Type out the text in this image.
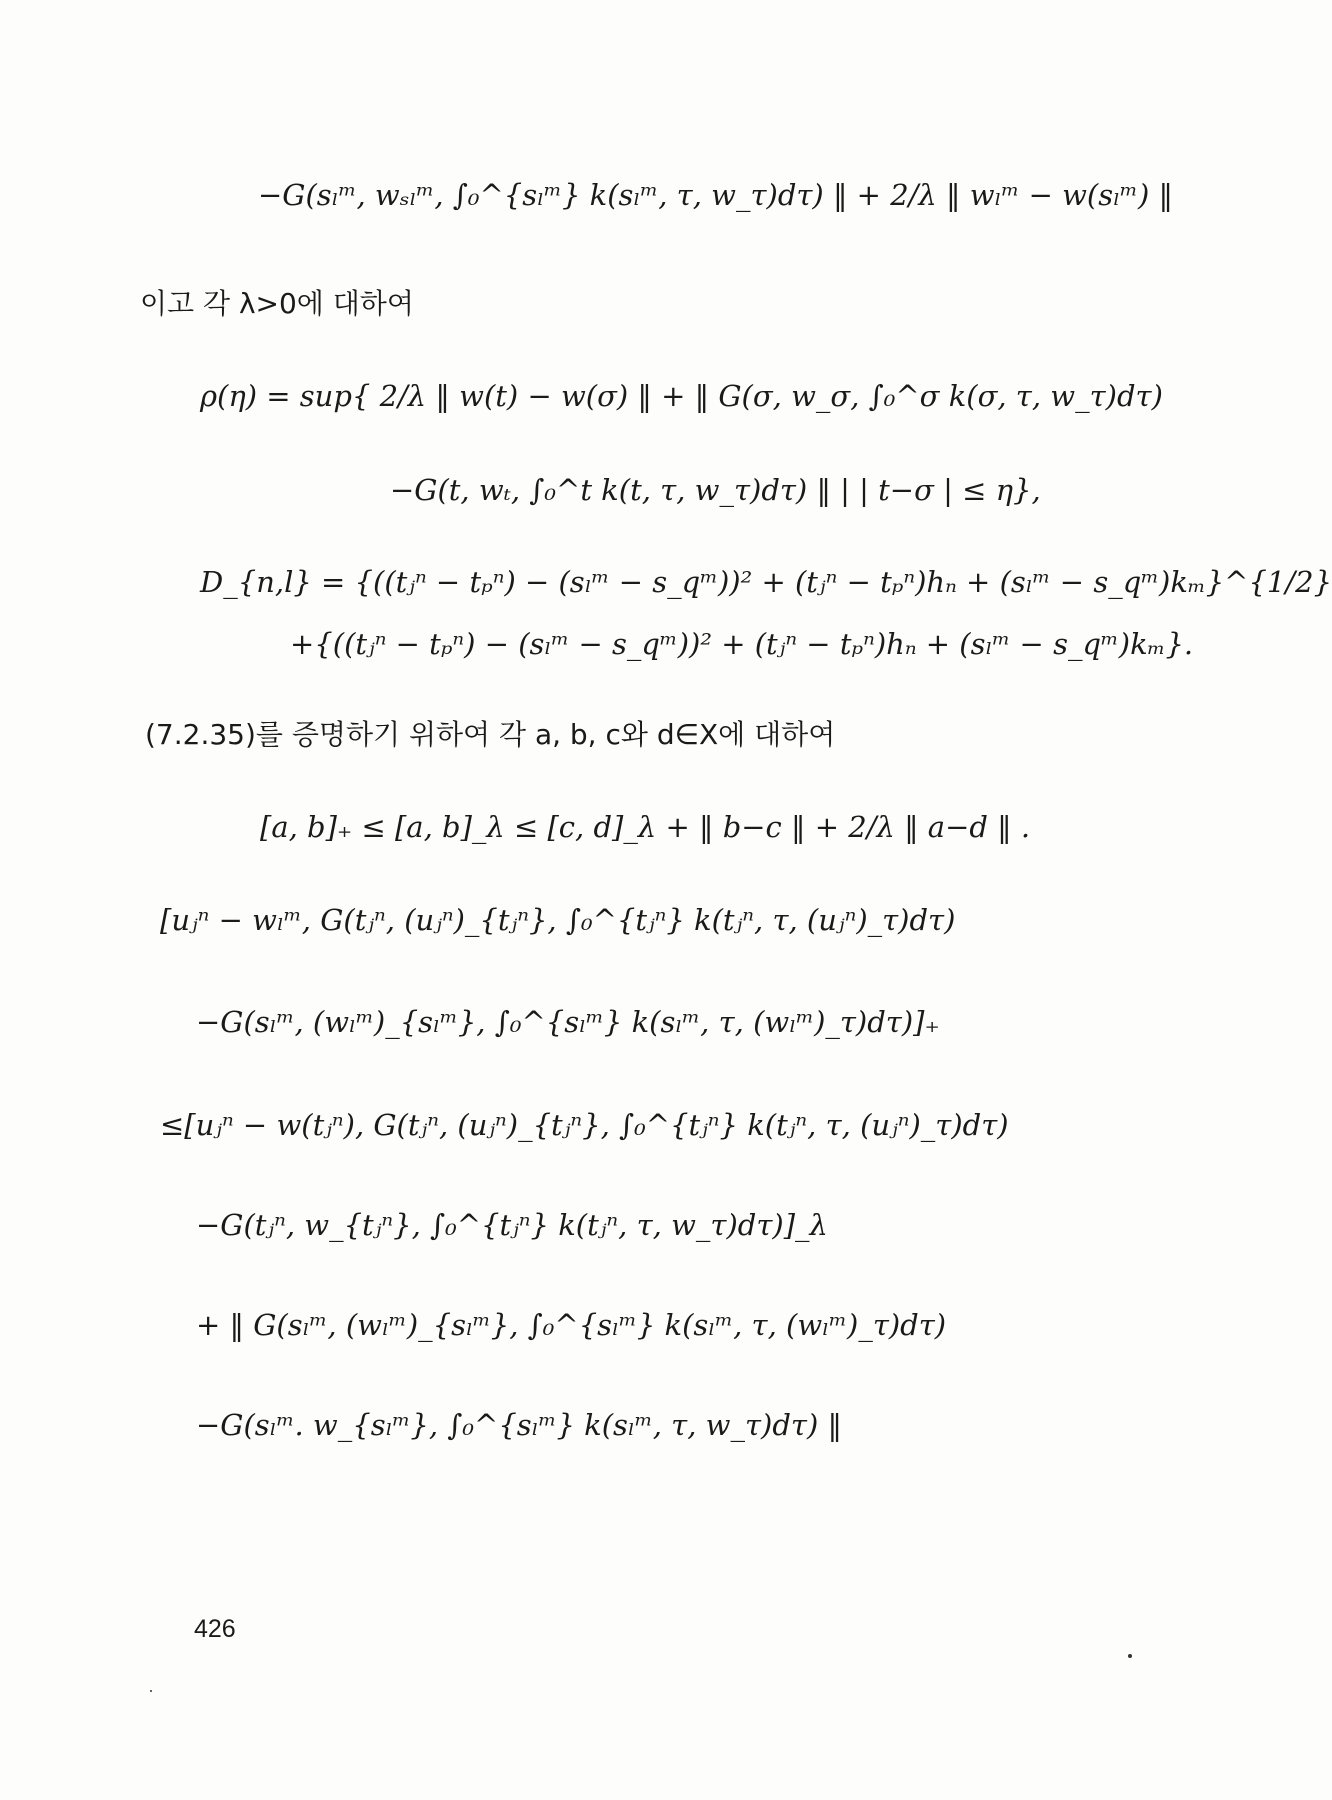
−G(sₗᵐ, wₛₗᵐ, ∫₀^{sₗᵐ} k(sₗᵐ, τ, w_τ)dτ) ‖ + 2/λ ‖ wₗᵐ − w(sₗᵐ) ‖
이고 각 λ>0에 대하여
ρ(η) = sup{ 2/λ ‖ w(t) − w(σ) ‖ + ‖ G(σ, w_σ, ∫₀^σ k(σ, τ, w_τ)dτ)
−G(t, wₜ, ∫₀^t k(t, τ, w_τ)dτ) ‖ | | t−σ | ≤ η},
D_{n,l} = {((tⱼⁿ − tₚⁿ) − (sₗᵐ − s_qᵐ))² + (tⱼⁿ − tₚⁿ)hₙ + (sₗᵐ − s_qᵐ)kₘ}^{1/2}
+{((tⱼⁿ − tₚⁿ) − (sₗᵐ − s_qᵐ))² + (tⱼⁿ − tₚⁿ)hₙ + (sₗᵐ − s_qᵐ)kₘ}.
(7.2.35)를 증명하기 위하여 각 a, b, c와 d∈X에 대하여
[a, b]₊ ≤ [a, b]_λ ≤ [c, d]_λ + ‖ b−c ‖ + 2/λ ‖ a−d ‖ .
[uⱼⁿ − wₗᵐ, G(tⱼⁿ, (uⱼⁿ)_{tⱼⁿ}, ∫₀^{tⱼⁿ} k(tⱼⁿ, τ, (uⱼⁿ)_τ)dτ)
−G(sₗᵐ, (wₗᵐ)_{sₗᵐ}, ∫₀^{sₗᵐ} k(sₗᵐ, τ, (wₗᵐ)_τ)dτ)]₊
≤[uⱼⁿ − w(tⱼⁿ), G(tⱼⁿ, (uⱼⁿ)_{tⱼⁿ}, ∫₀^{tⱼⁿ} k(tⱼⁿ, τ, (uⱼⁿ)_τ)dτ)
−G(tⱼⁿ, w_{tⱼⁿ}, ∫₀^{tⱼⁿ} k(tⱼⁿ, τ, w_τ)dτ)]_λ
+ ‖ G(sₗᵐ, (wₗᵐ)_{sₗᵐ}, ∫₀^{sₗᵐ} k(sₗᵐ, τ, (wₗᵐ)_τ)dτ)
−G(sₗᵐ. w_{sₗᵐ}, ∫₀^{sₗᵐ} k(sₗᵐ, τ, w_τ)dτ) ‖
426
